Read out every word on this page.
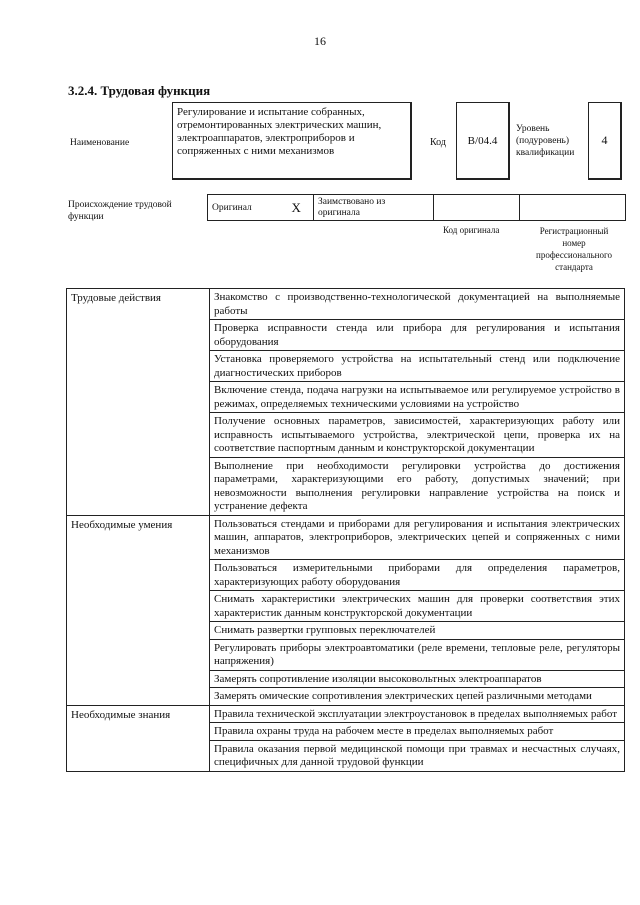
16
3.2.4. Трудовая функция
Наименование
Регулирование и испытание собранных, отремонтированных электрических машин, электроаппаратов, электроприборов и сопряженных с ними механизмов
Код B/04.4
Уровень
(подуровень)
квалификации
4
Происхождение трудовой
функции
Оригинал	X	Заимствовано из
оригинала

Код оригинала	Регистрационный
номер
профессионального
стандарта
Трудовые действия	Знакомство с производственно-технологической документацией на выполняемые работы

	Проверка исправности стенда или прибора для регулирования и испытания оборудования

	Установка проверяемого устройства на испытательный стенд или подключение диагностических приборов

	Включение стенда, подача нагрузки на испытываемое или регулируемое устройство в режимах, определяемых техническими условиями на устройство

	Получение основных параметров, зависимостей, характеризующих работу или исправность испытываемого устройства, электрической цепи, проверка их на соответствие паспортным данным и конструкторской документации

	Выполнение при необходимости регулировки устройства до достижения параметрами, характеризующими его работу, допустимых значений; при невозможности выполнения регулировки направление устройства на поиск и устранение дефекта

Необходимые умения	Пользоваться стендами и приборами для регулирования и испытания электрических машин, аппаратов, электроприборов, электрических цепей и сопряженных с ними механизмов

	Пользоваться измерительными приборами для определения параметров, характеризующих работу оборудования

	Снимать характеристики электрических машин для проверки соответствия этих характеристик данным конструкторской документации

	Снимать развертки групповых переключателей

	Регулировать приборы электроавтоматики (реле времени, тепловые реле, регуляторы напряжения)

	Замерять сопротивление изоляции высоковольтных электроаппаратов

	Замерять омические сопротивления электрических цепей различными методами

Необходимые знания	Правила технической эксплуатации электроустановок в пределах выполняемых работ

	Правила охраны труда на рабочем месте в пределах выполняемых работ

	Правила оказания первой медицинской помощи при травмах и несчастных случаях, специфичных для данной трудовой функции
